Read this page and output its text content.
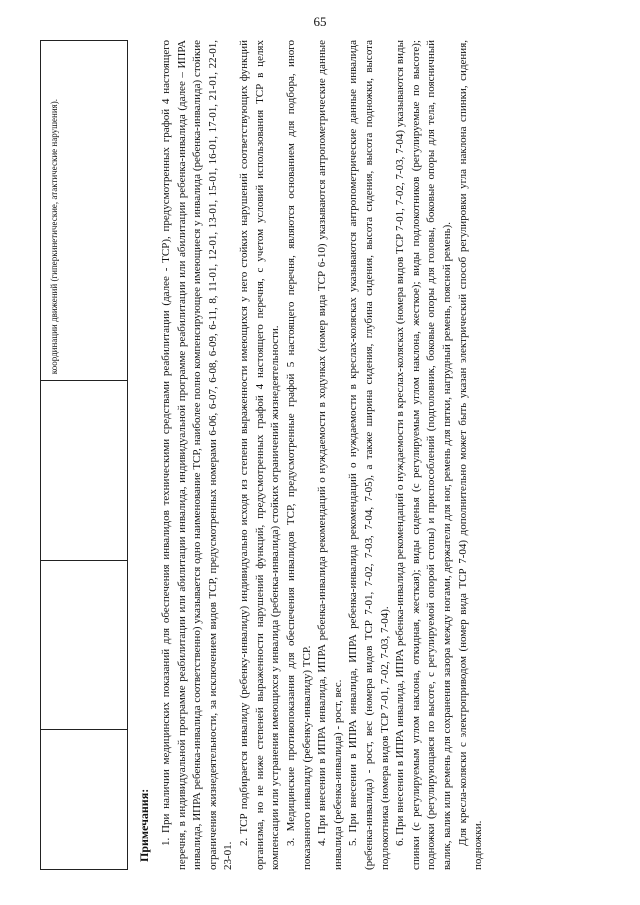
65
координации движений (гиперкинетические, атактические нарушения).
Примечания: 1. При наличии медицинских показаний для обеспечения инвалидов техническими средствами реабилитации (далее - ТСР), предусмотренных графой 4 настоящего перечня, в индивидуальной программе реабилитации или абилитации инвалида, индивидуальной программе реабилитации или абилитации ребенка-инвалида (далее – ИПРА инвалида, ИПРА ребенка-инвалида соответственно) указывается одно наименование ТСР, наиболее полно компенсирующее имеющиеся у инвалида (ребенка-инвалида) стойкие ограничения жизнедеятельности, за исключением видов ТСР, предусмотренных номерами 6-06, 6-07, 6-08, 6-09, 6-11, 8, 11-01, 12-01, 13-01, 15-01, 16-01, 17-01, 21-01, 22-01, 23-01.

2. ТСР подбирается инвалиду (ребенку-инвалиду) индивидуально исходя из степени выраженности имеющихся у него стойких нарушений соответствующих функций организма, но не ниже степеней выраженности нарушений функций, предусмотренных графой 4 настоящего перечня, с учетом условий использования ТСР в целях компенсации или устранения имеющихся у инвалида (ребенка-инвалида) стойких ограничений жизнедеятельности. 3. Медицинские противопоказания для обеспечения инвалидов ТСР, предусмотренные графой 5 настоящего перечня, являются основанием для подбора, иного показанного инвалиду (ребенку-инвалиду) ТСР. 4. При внесении в ИПРА инвалида, ИПРА ребенка-инвалида рекомендаций о нуждаемости в ходунках (номер вида ТСР 6-10) указываются антропометрические данные инвалида (ребенка-инвалида) - рост, вес. 5. При внесении в ИПРА инвалида, ИПРА ребенка-инвалида рекомендаций о нуждаемости в креслах-колясках указываются антропометрические данные инвалида (ребенка-инвалида) - рост, вес (номера видов ТСР 7-01, 7-02, 7-03, 7-04, 7-05), а также ширина сидения, глубина сидения, высота сидения, высота подножки, высота подлокотника (номера видов ТСР 7-01, 7-02, 7-03, 7-04). 6. При внесении в ИПРА инвалида, ИПРА ребенка-инвалида рекомендаций о нуждаемости в креслах-колясках (номера видов ТСР 7-01, 7-02, 7-03, 7-04) указываются виды спинки (с регулируемым углом наклона, откидная, жесткая); виды сиденья (с регулируемым углом наклона, жесткое); виды подлокотников (регулируемые по высоте); подножки (регулирующаяся по высоте, с регулируемой опорой стопы) и приспособлений (подголовник, боковые опоры для головы, боковые опоры для тела, поясничный валик, валик или ремень для сохранения зазора между ногами, держатели для ног, ремень для пятки, нагрудный ремень, поясной ремень). Для кресла-коляски с электроприводом (номер вида ТСР 7-04) дополнительно может быть указан электрический способ регулировки угла наклона спинки, сидения, подножки.
